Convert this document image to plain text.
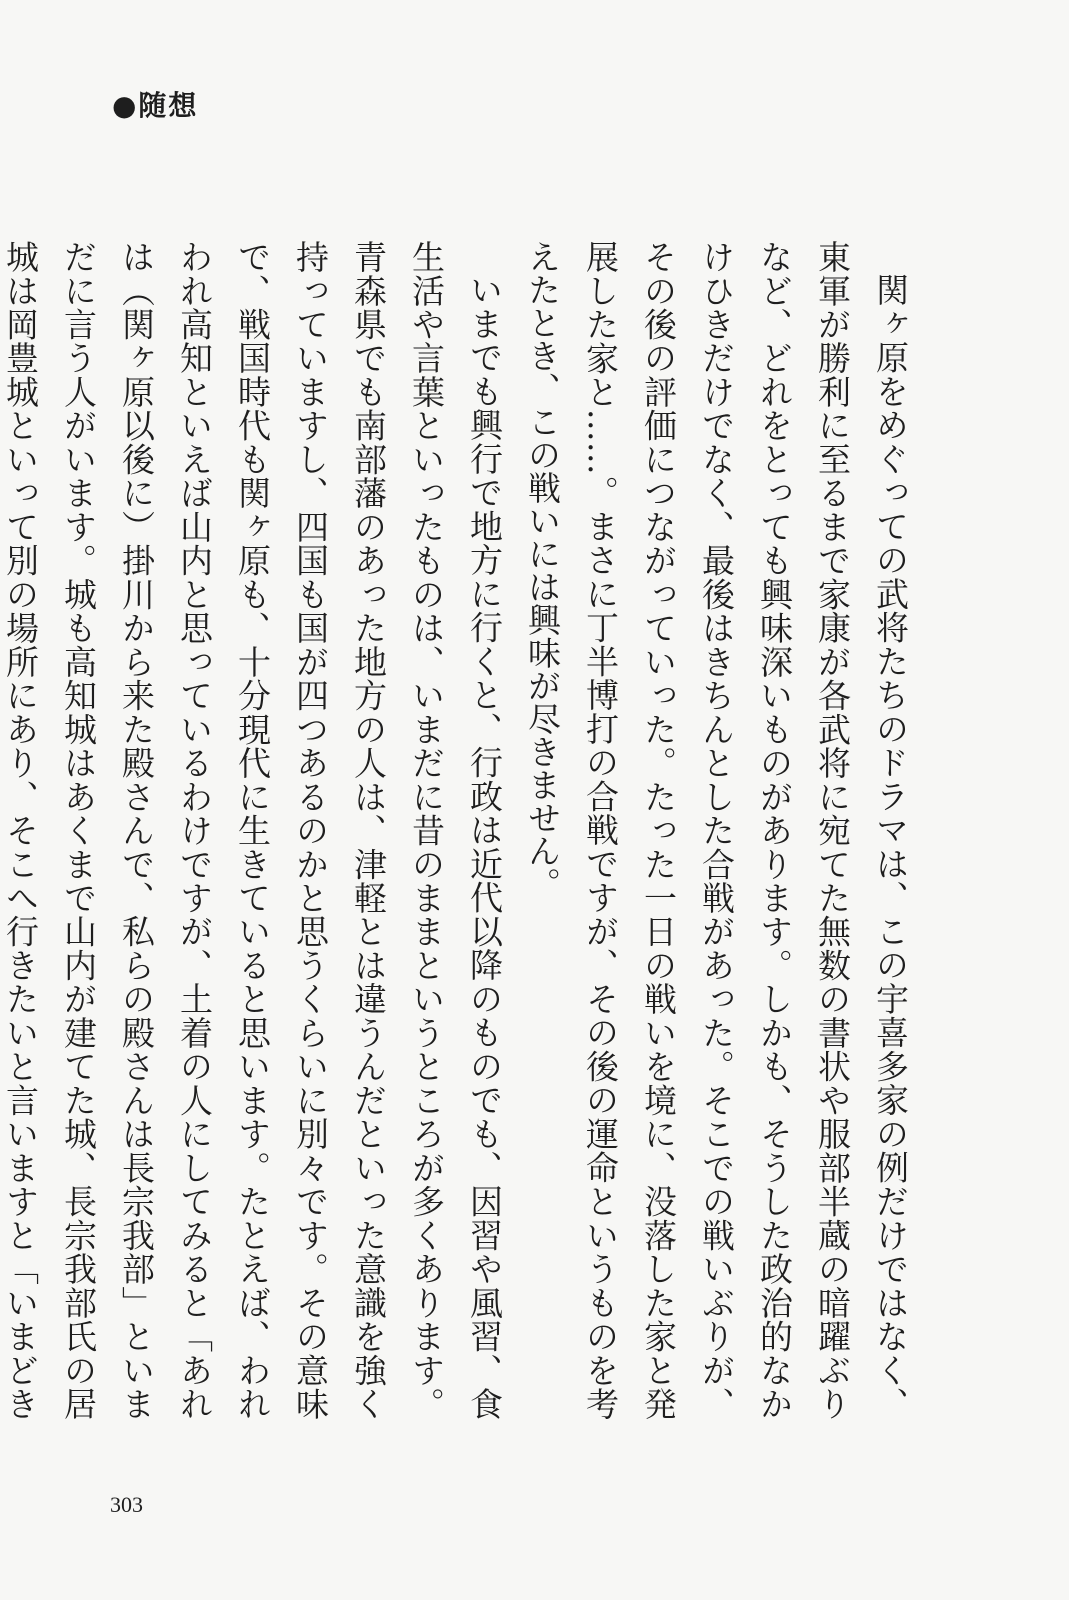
●随想

関ヶ原をめぐっての武将たちのドラマは、この宇喜多家の例だけではなく、東軍が勝利に至るまで家康が各武将に宛てた無数の書状や服部半蔵の暗躍ぶりなど、どれをとっても興味深いものがあります。しかも、そうした政治的なかけひきだけでなく、最後はきちんとした合戦があった。そこでの戦いぶりが、その後の評価につながっていった。たった一日の戦いを境に、没落した家と発展した家と……。まさに丁半博打の合戦ですが、その後の運命というものを考えたとき、この戦いには興味が尽きません。

いまでも興行で地方に行くと、行政は近代以降のものでも、因習や風習、食生活や言葉といったものは、いまだに昔のままというところが多くあります。青森県でも南部藩のあった地方の人は、津軽とは違うんだといった意識を強く持っていますし、四国も国が四つあるのかと思うくらいに別々です。その意味で、戦国時代も関ヶ原も、十分現代に生きていると思います。たとえば、われわれ高知といえば山内と思っているわけですが、土着の人にしてみると「あれは（関ヶ原以後に）掛川から来た殿さんで、私らの殿さんは長宗我部」といまだに言う人がいます。城も高知城はあくまで山内が建てた城、長宗我部氏の居城は岡豊城といって別の場所にあり、そこへ行きたいと言いますと「いまどき

303
